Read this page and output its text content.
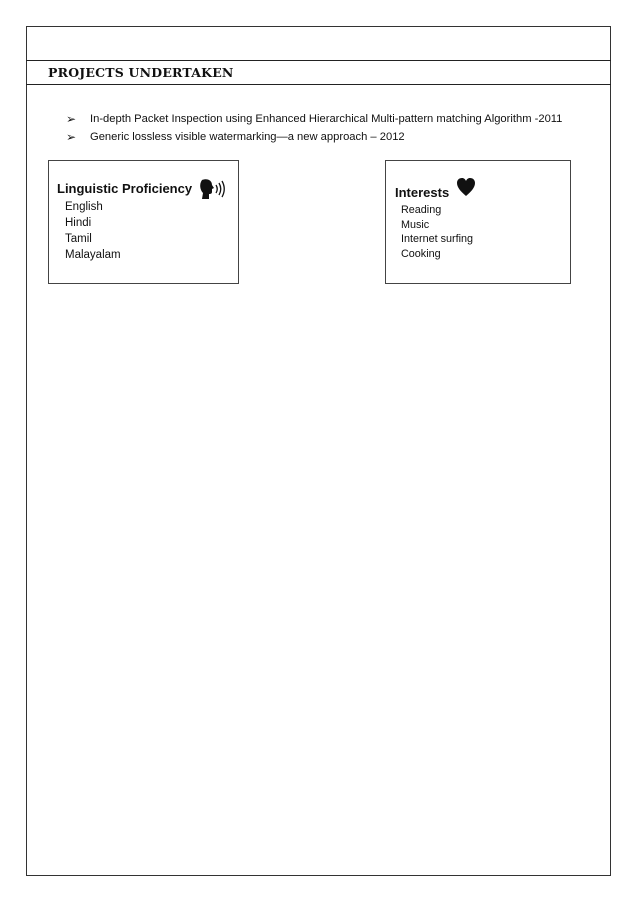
PROJECTS UNDERTAKEN
➢	In-depth Packet Inspection using Enhanced Hierarchical Multi-pattern matching Algorithm -2011
➢	Generic lossless visible watermarking—a new approach – 2012
Linguistic Proficiency
English
Hindi
Tamil
Malayalam
Interests
Reading
Music
Internet surfing
Cooking
